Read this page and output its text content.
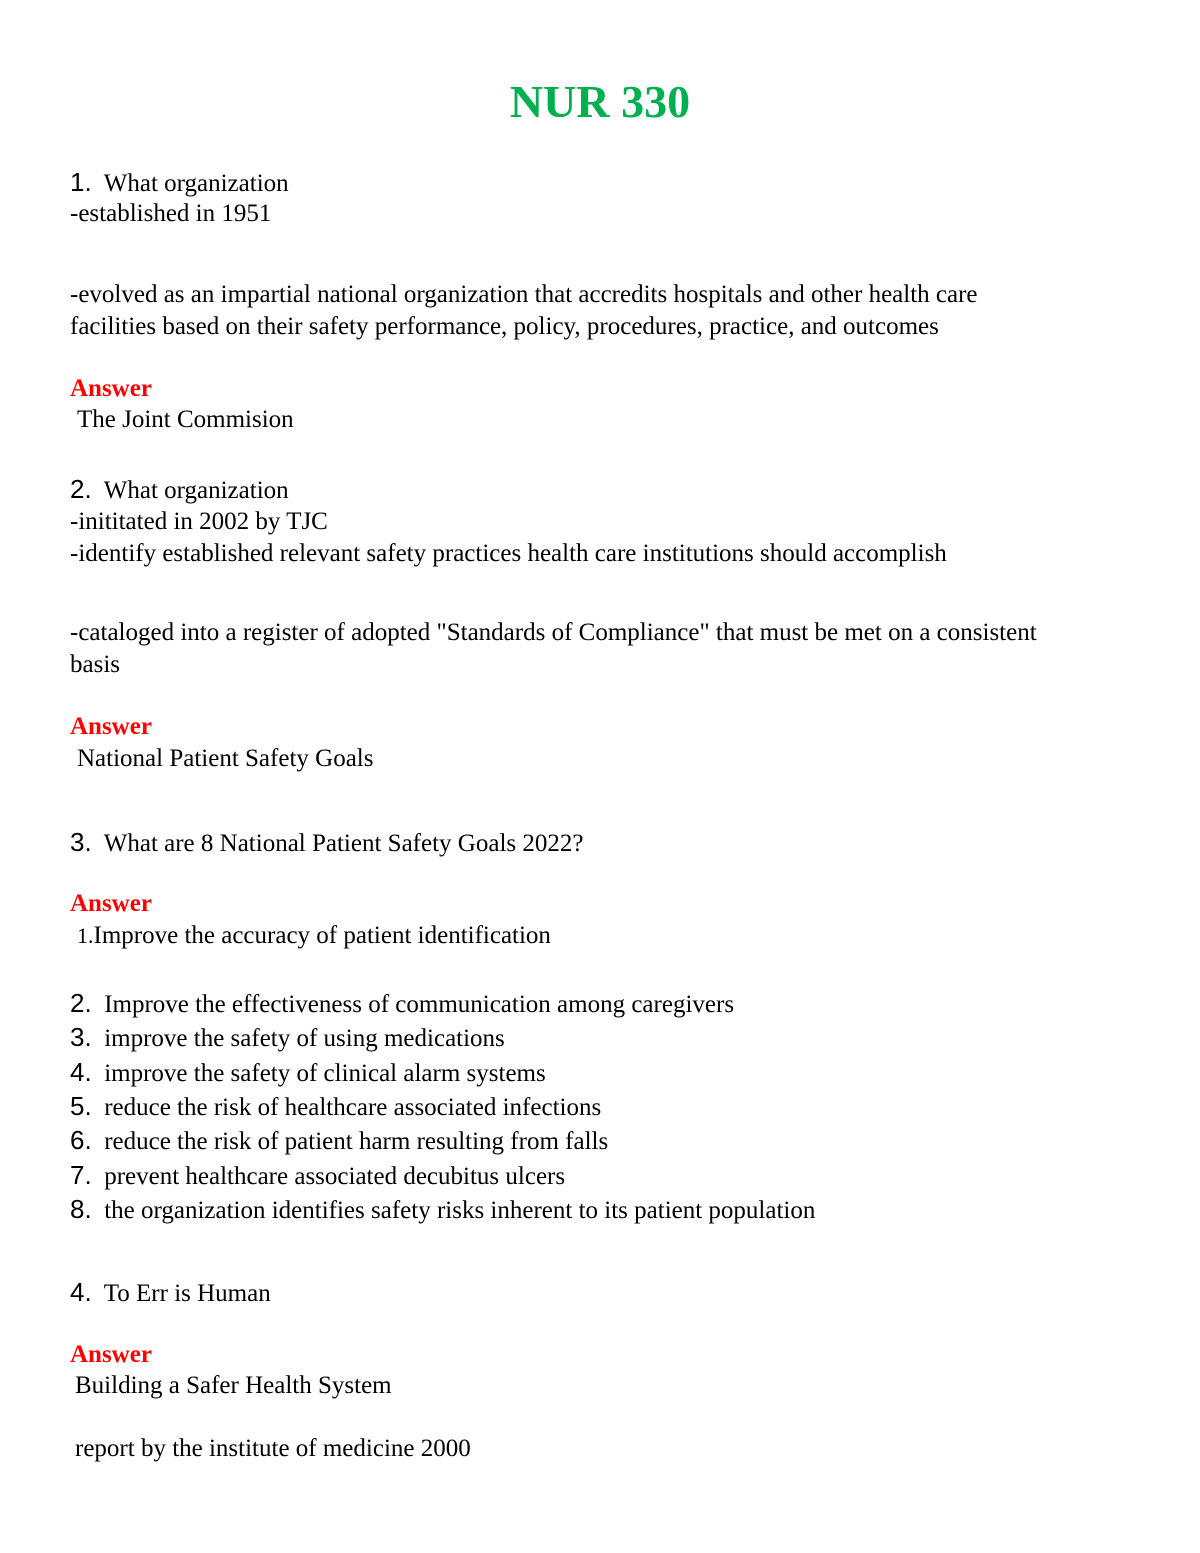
NUR 330
1. What organization
-established in 1951
-evolved as an impartial national organization that accredits hospitals and other health care
facilities based on their safety performance, policy, procedures, practice, and outcomes
Answer
The Joint Commision
2. What organization
-inititated in 2002 by TJC
-identify established relevant safety practices health care institutions should accomplish
-cataloged into a register of adopted "Standards of Compliance" that must be met on a consistent
basis
Answer
National Patient Safety Goals
3. What are 8 National Patient Safety Goals 2022?
Answer
1.Improve the accuracy of patient identification
2. Improve the effectiveness of communication among caregivers
3. improve the safety of using medications
4. improve the safety of clinical alarm systems
5. reduce the risk of healthcare associated infections
6. reduce the risk of patient harm resulting from falls
7. prevent healthcare associated decubitus ulcers
8. the organization identifies safety risks inherent to its patient population
4. To Err is Human
Answer
Building a Safer Health System
report by the institute of medicine 2000
